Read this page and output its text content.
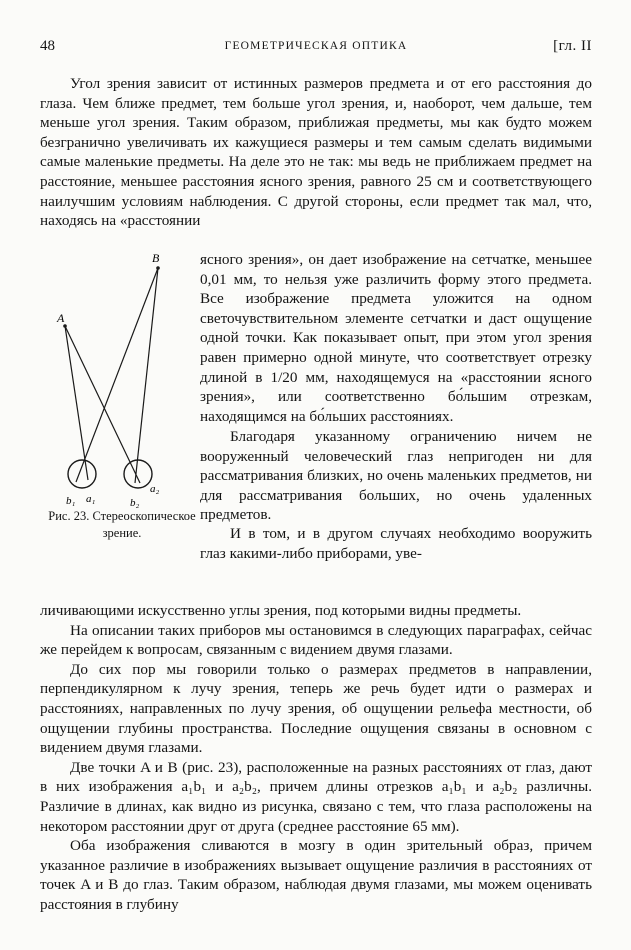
48	ГЕОМЕТРИЧЕСКАЯ ОПТИКА	[гл. II

Угол зрения зависит от истинных размеров предмета и от его расстояния до глаза. Чем ближе предмет, тем больше угол зрения, и, наоборот, чем дальше, тем меньше угол зрения. Таким образом, приближая предметы, мы как будто можем безгранично увеличивать их кажущиеся размеры и тем самым сделать видимыми самые маленькие предметы. На деле это не так: мы ведь не приближаем предмет на расстояние, меньшее расстояния ясного зрения, равного 25 см и соответствующего наилучшим условиям наблюдения. С другой стороны, если предмет так мал, что, находясь на «расстоянии

A
B
b₁ a₁	b₂
a₂
Рис. 23. Стереоскопическое зрение.

ясного зрения», он дает изображение на сетчатке, меньшее 0,01 мм, то нельзя уже различить форму этого предмета. Все изображение предмета уложится на одном светочувствительном элементе сетчатки и даст ощущение одной точки. Как показывает опыт, при этом угол зрения равен примерно одной минуте, что соответствует отрезку длиной в 1/20 мм, находящемуся на «расстоянии ясного зрения», или соответственно бо́льшим отрезкам, находящимся на бо́льших расстояниях.

Благодаря указанному ограничению ничем не вооруженный человеческий глаз непригоден ни для рассматривания близких, но очень маленьких предметов, ни для рассматривания больших, но очень удаленных предметов.

И в том, и в другом случаях необходимо вооружить глаз какими-либо приборами, уве-

личивающими искусственно углы зрения, под которыми видны предметы.

На описании таких приборов мы остановимся в следующих параграфах, сейчас же перейдем к вопросам, связанным с видением двумя глазами.

До сих пор мы говорили только о размерах предметов в направлении, перпендикулярном к лучу зрения, теперь же речь будет идти о размерах и расстояниях, направленных по лучу зрения, об ощущении рельефа местности, об ощущении глубины пространства. Последние ощущения связаны в основном с видением двумя глазами.

Две точки A и B (рис. 23), расположенные на разных расстояниях от глаз, дают в них изображения a₁b₁ и a₂b₂, причем длины отрезков a₁b₁ и a₂b₂ различны. Различие в длинах, как видно из рисунка, связано с тем, что глаза расположены на некотором расстоянии друг от друга (среднее расстояние 65 мм).

Оба изображения сливаются в мозгу в один зрительный образ, причем указанное различие в изображениях вызывает ощущение различия в расстояниях от точек A и B до глаз. Таким образом, наблюдая двумя глазами, мы можем оценивать расстояния в глубину
